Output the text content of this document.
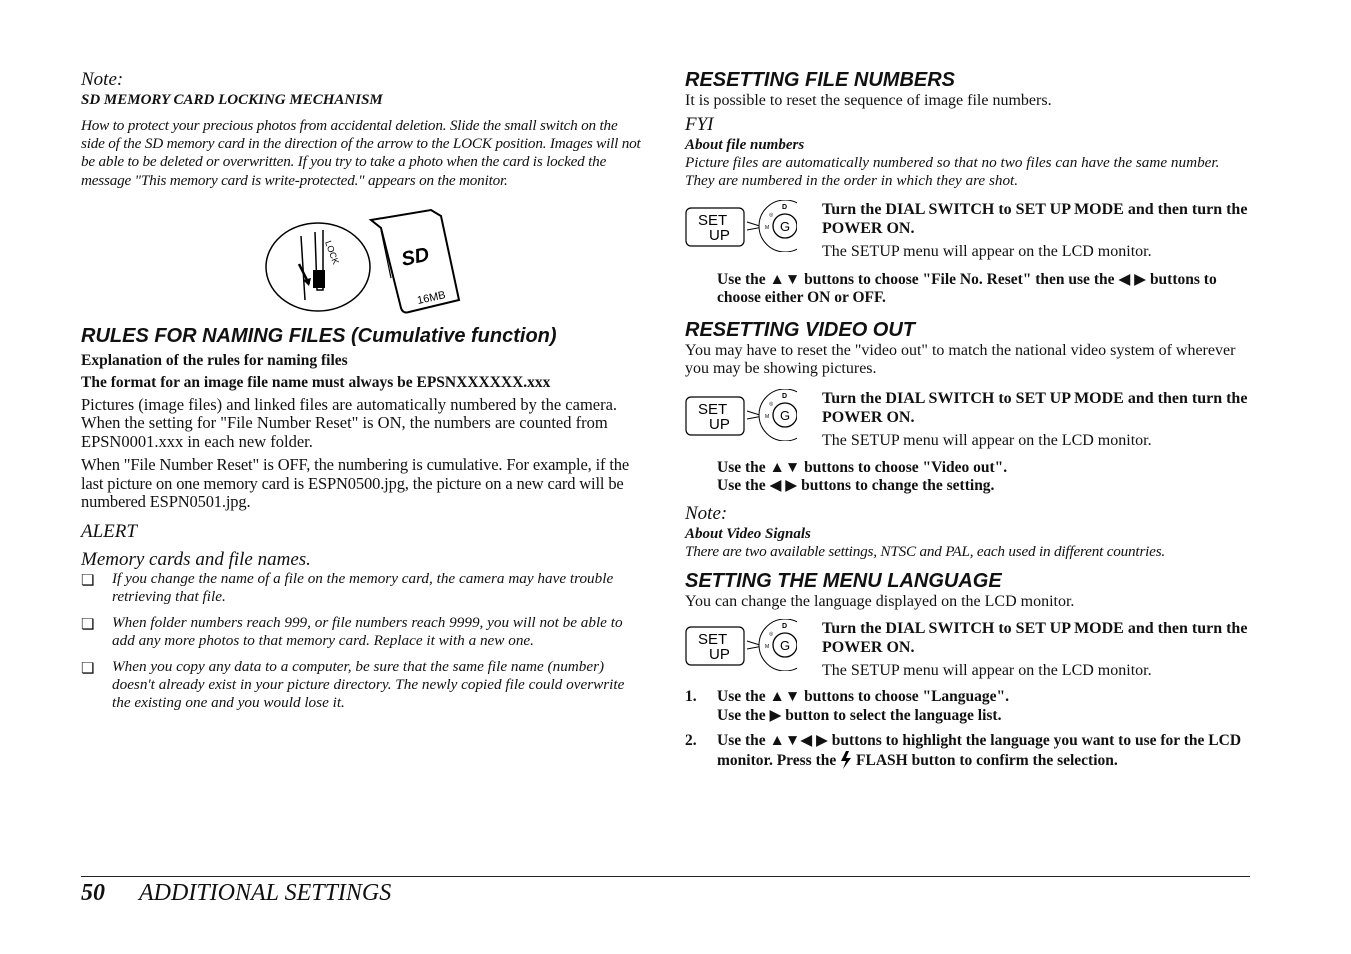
Note:
SD MEMORY CARD LOCKING MECHANISM
How to protect your precious photos from accidental deletion. Slide the small switch on the side of the SD memory card in the direction of the arrow to the LOCK position. Images will not be able to be deleted or overwritten. If you try to take a photo when the card is locked the message "This memory card is write-protected." appears on the monitor.
LOCK	SD
16MB
RULES FOR NAMING FILES (Cumulative function)
Explanation of the rules for naming files
The format for an image file name must always be EPSNXXXXXX.xxx
Pictures (image files) and linked files are automatically numbered by the camera. When the setting for "File Number Reset" is ON, the numbers are counted from EPSN0001.xxx in each new folder.
When "File Number Reset" is OFF, the numbering is cumulative. For example, if the last picture on one memory card is ESPN0500.jpg, the picture on a new card will be numbered ESPN0501.jpg.
ALERT
Memory cards and file names.
❏ If you change the name of a file on the memory card, the camera may have trouble retrieving that file.
❏ When folder numbers reach 999, or file numbers reach 9999, you will not be able to add any more photos to that memory card. Replace it with a new one.
❏ When you copy any data to a computer, be sure that the same file name (number) doesn't already exist in your picture directory. The newly copied file could overwrite the existing one and you would lose it.
RESETTING FILE NUMBERS
It is possible to reset the sequence of image file numbers.
FYI
About file numbers
Picture files are automatically numbered so that no two files can have the same number. They are numbered in the order in which they are shot.
SET
UP
G
D
◎
M
Turn the DIAL SWITCH to SET UP MODE and then turn the POWER ON.
The SETUP menu will appear on the LCD monitor.
Use the ▲▼ buttons to choose "File No. Reset" then use the ◀ ▶ buttons to choose either ON or OFF.
RESETTING VIDEO OUT
You may have to reset the "video out" to match the national video system of wherever you may be showing pictures.
SET
UP
G
D
◎
M
Turn the DIAL SWITCH to SET UP MODE and then turn the POWER ON.
The SETUP menu will appear on the LCD monitor.
Use the ▲▼ buttons to choose "Video out".
Use the ◀ ▶ buttons to change the setting.
Note:
About Video Signals
There are two available settings, NTSC and PAL, each used in different countries.
SETTING THE MENU LANGUAGE
You can change the language displayed on the LCD monitor.
SET
UP
G
D
◎
M
Turn the DIAL SWITCH to SET UP MODE and then turn the POWER ON.
The SETUP menu will appear on the LCD monitor.
1.	Use the ▲▼ buttons to choose "Language".
Use the ▶ button to select the language list.
2.	Use the ▲▼◀ ▶ buttons to highlight the language you want to use for the LCD monitor. Press the FLASH button to confirm the selection.
50 ADDITIONAL SETTINGS
